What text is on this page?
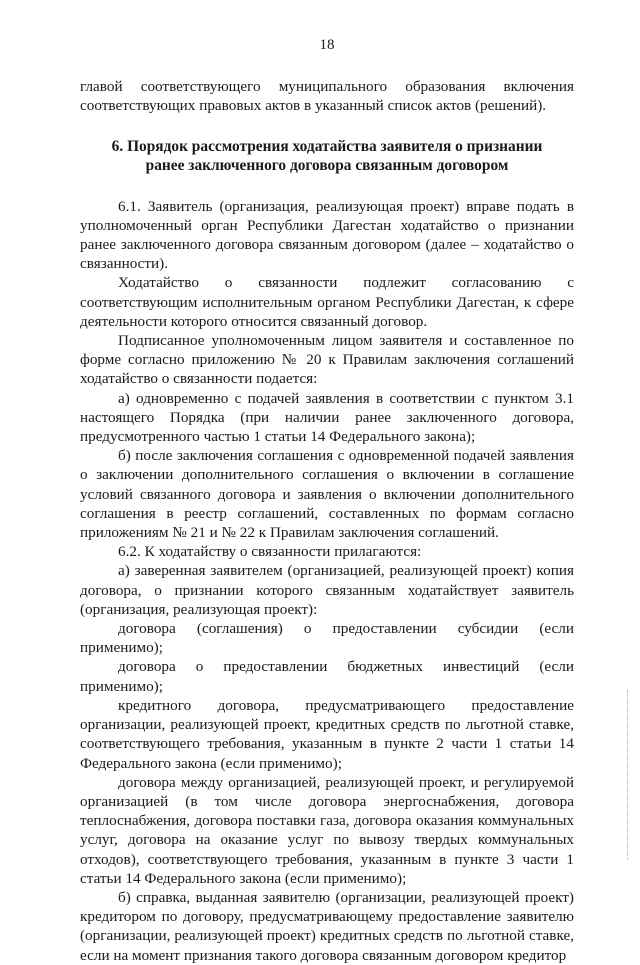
18

главой соответствующего муниципального образования включения соответствующих правовых актов в указанный список актов (решений).

6. Порядок рассмотрения ходатайства заявителя о признании
ранее заключенного договора связанным договором

6.1. Заявитель (организация, реализующая проект) вправе подать в уполномоченный орган Республики Дагестан ходатайство о признании ранее заключенного договора связанным договором (далее – ходатайство о связанности).

Ходатайство о связанности подлежит согласованию с соответствующим исполнительным органом Республики Дагестан, к сфере деятельности которого относится связанный договор.

Подписанное уполномоченным лицом заявителя и составленное по форме согласно приложению № 20 к Правилам заключения соглашений ходатайство о связанности подается:

а) одновременно с подачей заявления в соответствии с пунктом 3.1 настоящего Порядка (при наличии ранее заключенного договора, предусмотренного частью 1 статьи 14 Федерального закона);

б) после заключения соглашения с одновременной подачей заявления о заключении дополнительного соглашения о включении в соглашение условий связанного договора и заявления о включении дополнительного соглашения в реестр соглашений, составленных по формам согласно приложениям № 21 и № 22 к Правилам заключения соглашений.

6.2. К ходатайству о связанности прилагаются:

а) заверенная заявителем (организацией, реализующей проект) копия договора, о признании которого связанным ходатайствует заявитель (организация, реализующая проект):

договора (соглашения) о предоставлении субсидии (если применимо);

договора о предоставлении бюджетных инвестиций (если применимо);

кредитного договора, предусматривающего предоставление организации, реализующей проект, кредитных средств по льготной ставке, соответствующего требования, указанным в пункте 2 части 1 статьи 14 Федерального закона (если применимо);

договора между организацией, реализующей проект, и регулируемой организацией (в том числе договора энергоснабжения, договора теплоснабжения, договора поставки газа, договора оказания коммунальных услуг, договора на оказание услуг по вывозу твердых коммунальных отходов), соответствующего требования, указанным в пункте 3 части 1 статьи 14 Федерального закона (если применимо);

б) справка, выданная заявителю (организации, реализующей проект) кредитором по договору, предусматривающему предоставление заявителю (организации, реализующей проект) кредитных средств по льготной ставке, если на момент признания такого договора связанным договором кредитор
